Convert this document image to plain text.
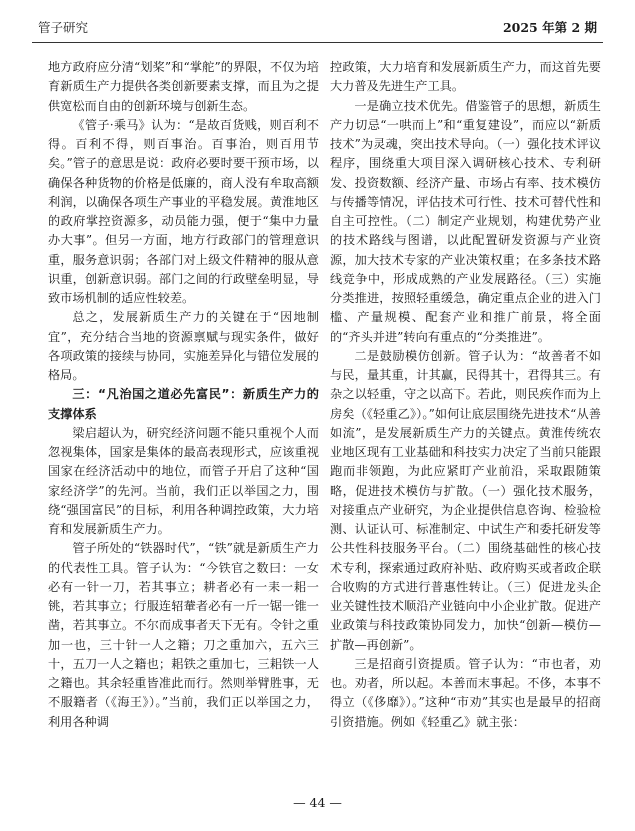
管子研究	2025 年第 2 期

地方政府应分清“划桨”和“掌舵”的界限，不仅为培育新质生产力提供各类创新要素支撑，而且为之提供宽松而自由的创新环境与创新生态。

《管子·乘马》认为：“是故百货贱，则百利不得。百利不得，则百事治。百事治，则百用节矣。”管子的意思是说：政府必要时要干预市场，以确保各种货物的价格是低廉的，商人没有牟取高额利润，以确保各项生产事业的平稳发展。黄淮地区的政府掌控资源多，动员能力强，便于“集中力量办大事”。但另一方面，地方行政部门的管理意识重，服务意识弱；各部门对上级文件精神的服从意识重，创新意识弱。部门之间的行政壁垒明显，导致市场机制的适应性较差。

总之，发展新质生产力的关键在于“因地制宜”，充分结合当地的资源禀赋与现实条件，做好各项政策的接续与协同，实施差异化与错位发展的格局。

三：“凡治国之道必先富民”：新质生产力的支撑体系

梁启超认为，研究经济问题不能只重视个人而忽视集体，国家是集体的最高表现形式，应该重视国家在经济活动中的地位，而管子开启了这种“国家经济学”的先河。当前，我们正以举国之力，围绕“强国富民”的目标，利用各种调控政策，大力培育和发展新质生产力。

管子所处的“铁器时代”，“铁”就是新质生产力的代表性工具。管子认为：“今铁官之数曰：一女必有一针一刀，若其事立；耕者必有一耒一耜一铫，若其事立；行服连轺輂者必有一斤一锯一锥一凿，若其事立。不尔而成事者天下无有。令针之重加一也，三十针一人之籍；刀之重加六，五六三十，五刀一人之籍也；耜铁之重加七，三耜铁一人之籍也。其余轻重皆准此而行。然则举臂胜事，无不服籍者（《海王》）。”当前，我们正以举国之力，利用各种调

控政策，大力培育和发展新质生产力，而这首先要大力普及先进生产工具。

一是确立技术优先。借鉴管子的思想，新质生产力切忌“一哄而上”和“重复建设”，而应以“新质技术”为灵魂，突出技术导向。（一）强化技术评议程序，围绕重大项目深入调研核心技术、专利研发、投资数额、经济产量、市场占有率、技术模仿与传播等情况，评估技术可行性、技术可替代性和自主可控性。（二）制定产业规划，构建优势产业的技术路线与图谱，以此配置研发资源与产业资源，加大技术专家的产业决策权重；在多条技术路线竞争中，形成成熟的产业发展路径。（三）实施分类推进，按照轻重缓急，确定重点企业的进入门槛、产量规模、配套产业和推广前景，将全面的“齐头并进”转向有重点的“分类推进”。

二是鼓励模仿创新。管子认为：“故善者不如与民，量其重，计其赢，民得其十，君得其三。有杂之以轻重，守之以高下。若此，则民疾作而为上房矣（《轻重乙》）。”如何让底层围绕先进技术“从善如流”，是发展新质生产力的关键点。黄淮传统农业地区现有工业基础和科技实力决定了当前只能跟跑而非领跑，为此应紧盯产业前沿，采取跟随策略，促进技术模仿与扩散。（一）强化技术服务，对接重点产业研究，为企业提供信息咨询、检验检测、认证认可、标准制定、中试生产和委托研发等公共性科技服务平台。（二）围绕基础性的核心技术专利，探索通过政府补贴、政府购买或者政企联合收购的方式进行普惠性转让。（三）促进龙头企业关键性技术顺沿产业链向中小企业扩散。促进产业政策与科技政策协同发力，加快“创新—模仿—扩散—再创新”。

三是招商引资提质。管子认为：“市也者，劝也。劝者，所以起。本善而末事起。不侈，本事不得立（《侈靡》）。”这种“市劝”其实也是最早的招商引资措施。例如《轻重乙》就主张：

— 44 —
